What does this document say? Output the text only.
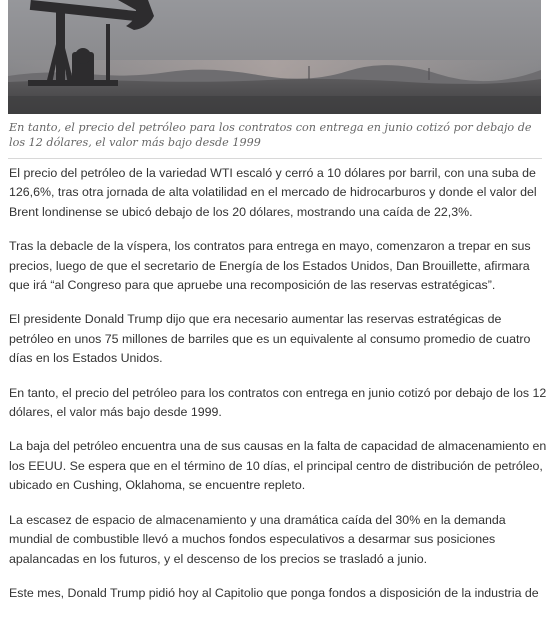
En tanto, el precio del petróleo para los contratos con entrega en junio cotizó por debajo de los 12 dólares, el valor más bajo desde 1999

El precio del petróleo de la variedad WTI escaló y cerró a 10 dólares por barril, con una suba de 126,6%, tras otra jornada de alta volatilidad en el mercado de hidrocarburos y donde el valor del Brent londinense se ubicó debajo de los 20 dólares, mostrando una caída de 22,3%.

Tras la debacle de la víspera, los contratos para entrega en mayo, comenzaron a trepar en sus precios, luego de que el secretario de Energía de los Estados Unidos, Dan Brouillette, afirmara que irá “al Congreso para que apruebe una recomposición de las reservas estratégicas”.

El presidente Donald Trump dijo que era necesario aumentar las reservas estratégicas de petróleo en unos 75 millones de barriles que es un equivalente al consumo promedio de cuatro días en los Estados Unidos.

En tanto, el precio del petróleo para los contratos con entrega en junio cotizó por debajo de los 12 dólares, el valor más bajo desde 1999.

La baja del petróleo encuentra una de sus causas en la falta de capacidad de almacenamiento en los EEUU. Se espera que en el término de 10 días, el principal centro de distribución de petróleo, ubicado en Cushing, Oklahoma, se encuentre repleto.

La escasez de espacio de almacenamiento y una dramática caída del 30% en la demanda mundial de combustible llevó a muchos fondos especulativos a desarmar sus posiciones apalancadas en los futuros, y el descenso de los precios se trasladó a junio.

Este mes, Donald Trump pidió hoy al Capitolio que ponga fondos a disposición de la industria de
